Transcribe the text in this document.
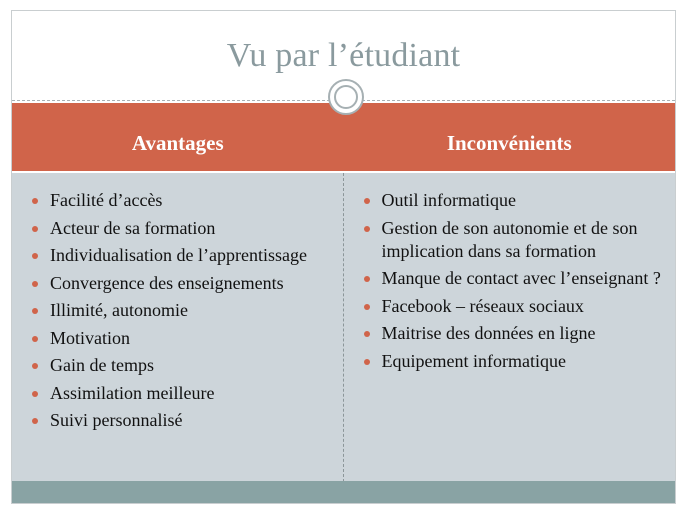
Vu par l’étudiant
Avantages	Inconvénients
Facilité d’accès
Acteur de sa formation
Individualisation de l’apprentissage
Convergence des enseignements
Illimité, autonomie
Motivation
Gain de temps
Assimilation meilleure
Suivi personnalisé
Outil informatique
Gestion de son autonomie et de son implication dans sa formation
Manque de contact avec l’enseignant ?
Facebook – réseaux sociaux
Maitrise des données en ligne
Equipement informatique
